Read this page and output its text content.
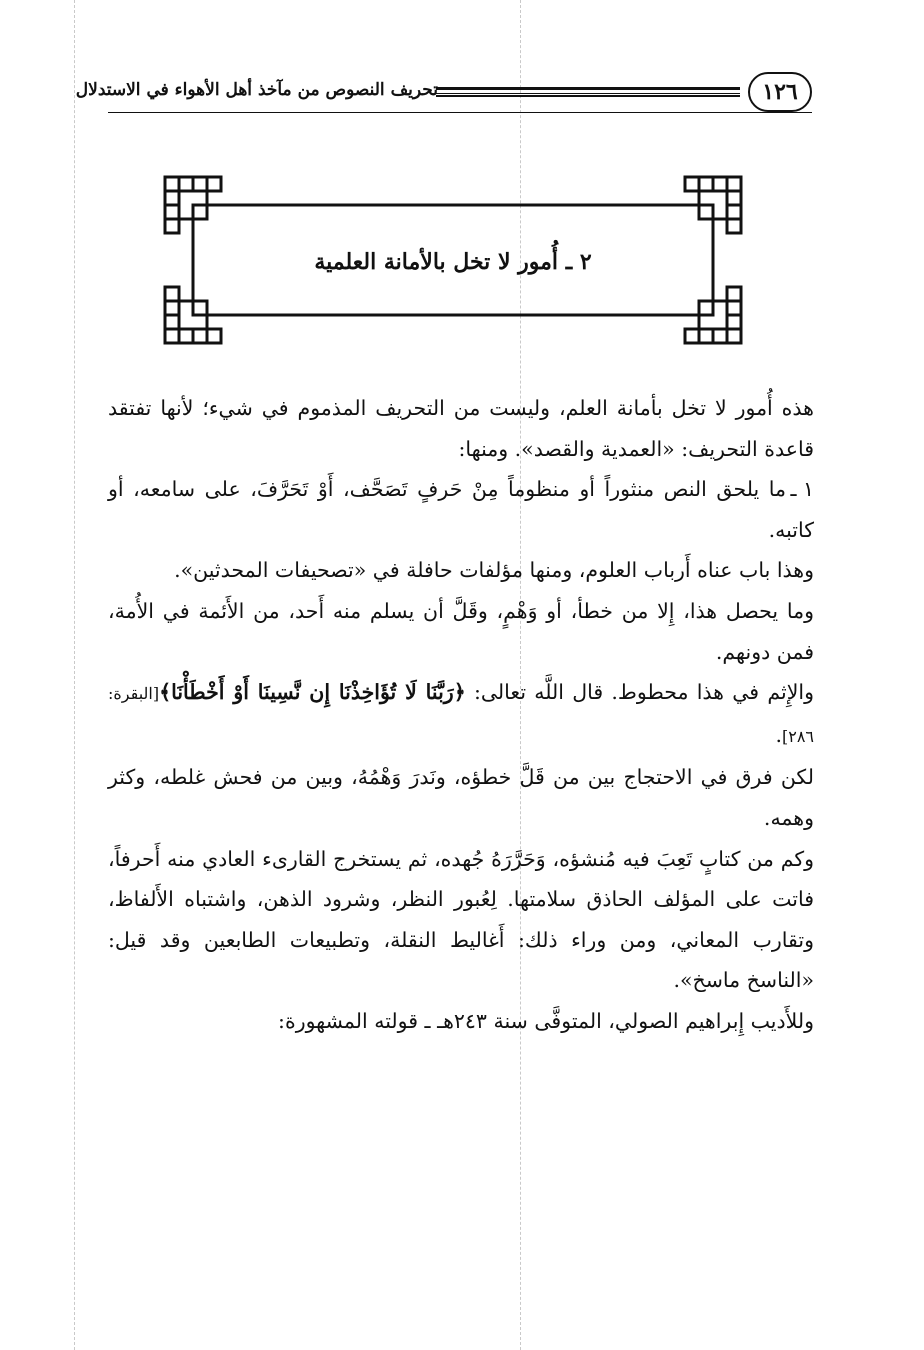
١٢٦
تحريف النصوص من مآخذ أهل الأهواء في الاستدلال
٢ ـ أُمور لا تخل بالأمانة العلمية

هذه أُمور لا تخل بأمانة العلم، وليست من التحريف المذموم في شيء؛ لأنها تفتقد قاعدة التحريف: «العمدية والقصد». ومنها:

١ ـما يلحق النص منثوراً أو منظوماً مِنْ حَرفٍ تَصَحَّف، أَوْ تَحَرَّفَ، على سامعه، أو كاتبه.

وهذا باب عناه أَرباب العلوم، ومنها مؤلفات حافلة في «تصحيفات المحدثين».

وما يحصل هذا، إِلا من خطأ، أو وَهْمٍ، وقَلَّ أن يسلم منه أَحد، من الأَئمة في الأُمة، فمن دونهم.

والإِثم في هذا محطوط. قال اللَّه تعالى: ﴿رَبَّنَا لَا تُؤَاخِذْنَا إِن نَّسِينَا أَوْ أَخْطَأْنَا﴾[البقرة: ٢٨٦].

لكن فرق في الاحتجاج بين من قَلَّ خطؤه، ونَدرَ وَهْمُهُ، وبين من فحش غلطه، وكثر وهمه.

وكم من كتابٍ تَعِبَ فيه مُنشؤه، وَحَرَّرَهُ جُهده، ثم يستخرج القارىء العادي منه أَحرفاً، فاتت على المؤلف الحاذق سلامتها. لِعُبور النظر، وشرود الذهن، واشتباه الأَلفاظ، وتقارب المعاني، ومن وراء ذلك: أَغاليط النقلة، وتطبيعات الطابعين وقد قيل: «الناسخ ماسخ».

وللأَديب إِبراهيم الصولي، المتوفَّى سنة ٢٤٣هـ ـ قولته المشهورة:
